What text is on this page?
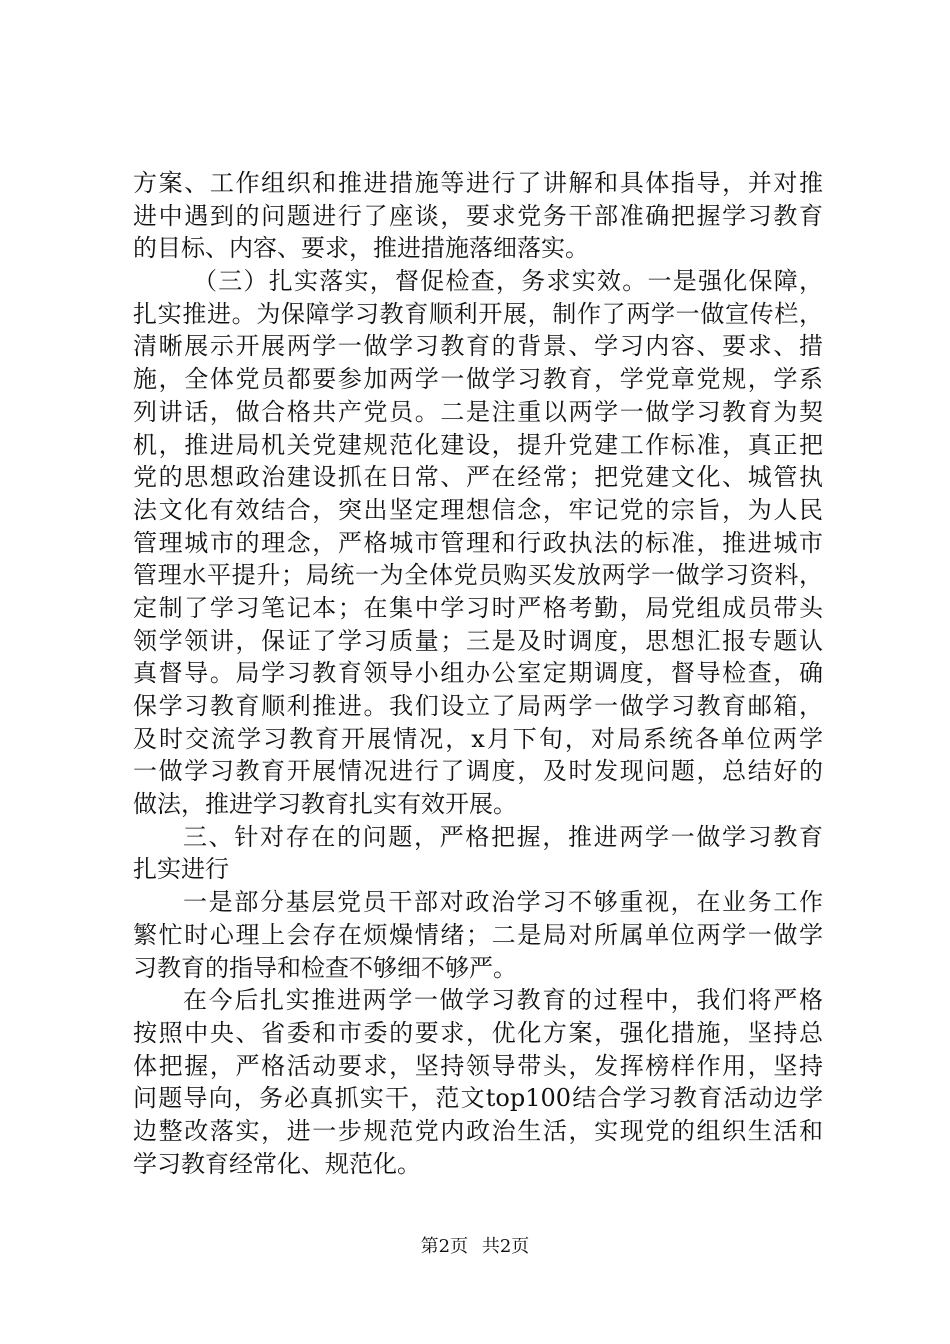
方案、工作组织和推进措施等进行了讲解和具体指导，并对推
进中遇到的问题进行了座谈，要求党务干部准确把握学习教育
的目标、内容、要求，推进措施落细落实。
（三）扎实落实，督促检查，务求实效。一是强化保障，
扎实推进。为保障学习教育顺利开展，制作了两学一做宣传栏，
清晰展示开展两学一做学习教育的背景、学习内容、要求、措
施，全体党员都要参加两学一做学习教育，学党章党规，学系
列讲话，做合格共产党员。二是注重以两学一做学习教育为契
机，推进局机关党建规范化建设，提升党建工作标准，真正把
党的思想政治建设抓在日常、严在经常；把党建文化、城管执
法文化有效结合，突出坚定理想信念，牢记党的宗旨，为人民
管理城市的理念，严格城市管理和行政执法的标准，推进城市
管理水平提升；局统一为全体党员购买发放两学一做学习资料，
定制了学习笔记本；在集中学习时严格考勤，局党组成员带头
领学领讲，保证了学习质量；三是及时调度，思想汇报专题认
真督导。局学习教育领导小组办公室定期调度，督导检查，确
保学习教育顺利推进。我们设立了局两学一做学习教育邮箱，
及时交流学习教育开展情况，x月下旬，对局系统各单位两学
一做学习教育开展情况进行了调度，及时发现问题，总结好的
做法，推进学习教育扎实有效开展。
三、针对存在的问题，严格把握，推进两学一做学习教育
扎实进行
一是部分基层党员干部对政治学习不够重视，在业务工作
繁忙时心理上会存在烦燥情绪；二是局对所属单位两学一做学
习教育的指导和检查不够细不够严。
在今后扎实推进两学一做学习教育的过程中，我们将严格
按照中央、省委和市委的要求，优化方案，强化措施，坚持总
体把握，严格活动要求，坚持领导带头，发挥榜样作用，坚持
问题导向，务必真抓实干，范文top100结合学习教育活动边学
边整改落实，进一步规范党内政治生活，实现党的组织生活和
学习教育经常化、规范化。
第2页 共2页
